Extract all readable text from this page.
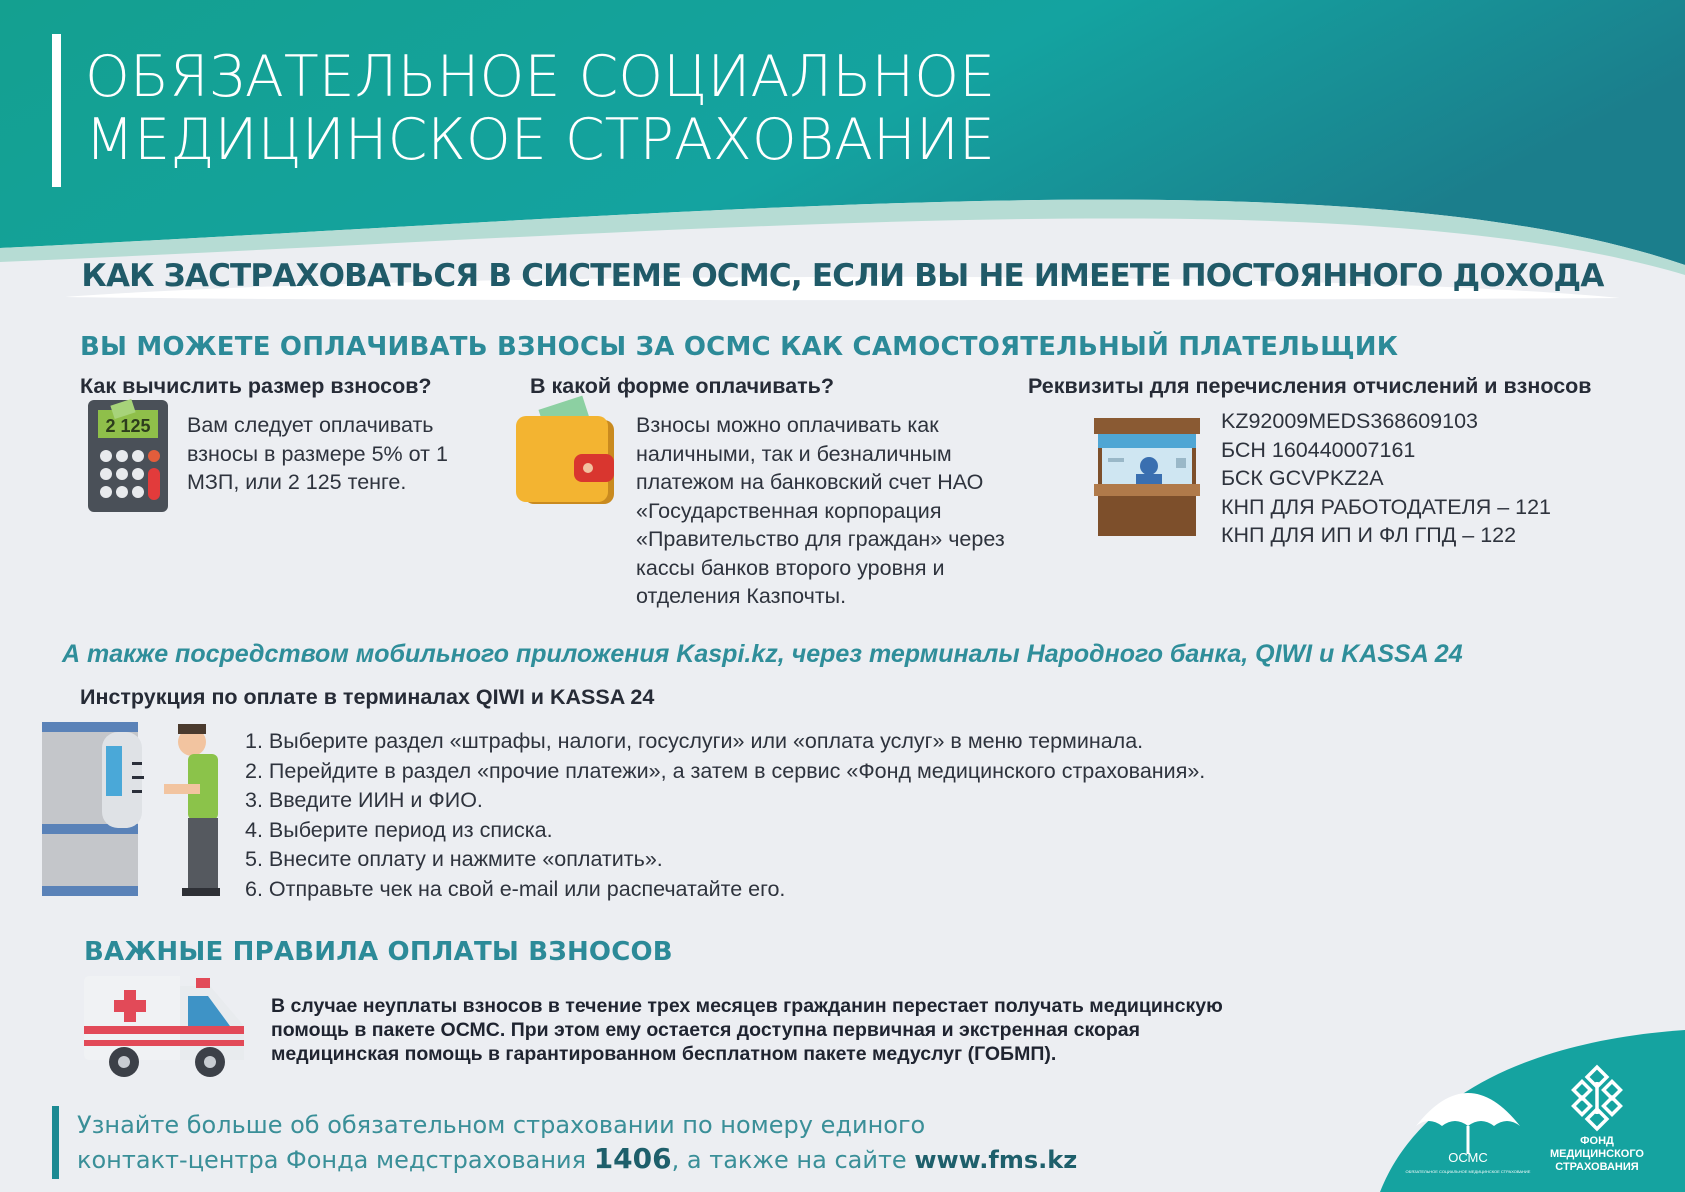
ОБЯЗАТЕЛЬНОЕ СОЦИАЛЬНОЕ
МЕДИЦИНСКОЕ СТРАХОВАНИЕ
КАК ЗАСТРАХОВАТЬСЯ В СИСТЕМЕ ОСМС, ЕСЛИ ВЫ НЕ ИМЕЕТЕ ПОСТОЯННОГО ДОХОДА
ВЫ МОЖЕТЕ ОПЛАЧИВАТЬ ВЗНОСЫ ЗА ОСМС КАК САМОСТОЯТЕЛЬНЫЙ ПЛАТЕЛЬЩИК
Как вычислить размер взносов?
2 125 Вам следует оплачивать
взносы в размере 5% от 1
МЗП, или 2 125 тенге.
В какой форме оплачивать?
Взносы можно оплачивать как
наличными, так и безналичным
платежом на банковский счет НАО
«Государственная корпорация
«Правительство для граждан» через
кассы банков второго уровня и
отделения Казпочты.
Реквизиты для перечисления отчислений и взносов
KZ92009MEDS368609103
БСН 160440007161
БСК GCVPKZ2A
КНП ДЛЯ РАБОТОДАТЕЛЯ – 121
КНП ДЛЯ ИП И ФЛ ГПД – 122
А также посредством мобильного приложения Kaspi.kz, через терминалы Народного банка, QIWI и KASSA 24
Инструкция по оплате в терминалах QIWI и KASSA 24
1. Выберите раздел «штрафы, налоги, госуслуги» или «оплата услуг» в меню терминала.
2. Перейдите в раздел «прочие платежи», а затем в сервис «Фонд медицинского страхования».
3. Введите ИИН и ФИО.
4. Выберите период из списка.
5. Внесите оплату и нажмите «оплатить».
6. Отправьте чек на свой e-mail или распечатайте его.
ВАЖНЫЕ ПРАВИЛА ОПЛАТЫ ВЗНОСОВ
В случае неуплаты взносов в течение трех месяцев гражданин перестает получать медицинскую
помощь в пакете ОСМС. При этом ему остается доступна первичная и экстренная скорая
медицинская помощь в гарантированном бесплатном пакете медуслуг (ГОБМП).
Узнайте больше об обязательном страховании по номеру единого
контакт-центра Фонда медстрахования 1406, а также на сайте www.fms.kz	ОСМС
ОБЯЗАТЕЛЬНОЕ СОЦИАЛЬНОЕ МЕДИЦИНСКОЕ СТРАХОВАНИЕ
ФОНД
МЕДИЦИНСКОГО
СТРАХОВАНИЯ
